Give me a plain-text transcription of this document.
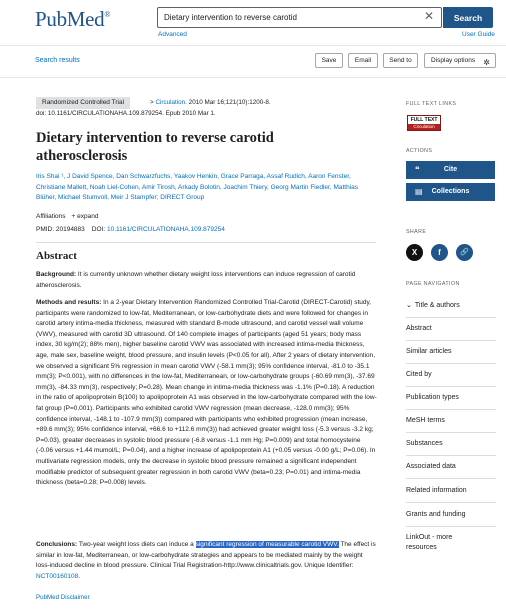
PubMed®	Dietary intervention to reverse carotid	✕	Search
Advanced	User Guide
Search results	Save	Email	Send to	Display options ✲
Randomized Controlled Trial	> Circulation. 2010 Mar 16;121(10):1200-8.
doi: 10.1161/CIRCULATIONAHA.109.879254. Epub 2010 Mar 1.
Dietary intervention to reverse carotid atherosclerosis
Iris Shai ¹, J David Spence, Dan Schwarzfuchs, Yaakov Henkin, Grace Parraga, Assaf Rudich, Aaron Fenster, Christiane Mallett, Noah Liel-Cohen, Amir Tirosh, Arkady Bolotin, Joachim Thiery, Georg Martin Fiedler, Matthias Blüher, Michael Stumvoll, Meir J Stampfer; DIRECT Group
Affiliations + expand
PMID: 20194883 DOI: 10.1161/CIRCULATIONAHA.109.879254
Abstract

Background: It is currently unknown whether dietary weight loss interventions can induce regression of carotid atherosclerosis.

Methods and results: In a 2-year Dietary Intervention Randomized Controlled Trial-Carotid (DIRECT-Carotid) study, participants were randomized to low-fat, Mediterranean, or low-carbohydrate diets and were followed for changes in carotid artery intima-media thickness, measured with standard B-mode ultrasound, and carotid vessel wall volume (VWV), measured with carotid 3D ultrasound. Of 140 complete images of participants (aged 51 years; body mass index, 30 kg/m(2); 88% men), higher baseline carotid VWV was associated with increased intima-media thickness, age, male sex, baseline weight, blood pressure, and insulin levels (P<0.05 for all). After 2 years of dietary intervention, we observed a significant 5% regression in mean carotid VWV (-58.1 mm(3); 95% confidence interval, -81.0 to -35.1 mm(3); P<0.001), with no differences in the low-fat, Mediterranean, or low-carbohydrate groups (-60.69 mm(3), -37.69 mm(3), -84.33 mm(3), respectively; P=0.28). Mean change in intima-media thickness was -1.1% (P=0.18). A reduction in the ratio of apolipoprotein B(100) to apolipoprotein A1 was observed in the low-carbohydrate compared with the low-fat group (P=0.001). Participants who exhibited carotid VWV regression (mean decrease, -128.0 mm(3); 95% confidence interval, -148.1 to -107.9 mm(3)) compared with participants who exhibited progression (mean increase, +89.6 mm(3); 95% confidence interval, +66.6 to +112.6 mm(3)) had achieved greater weight loss (-5.3 versus -3.2 kg; P=0.03), greater decreases in systolic blood pressure (-6.8 versus -1.1 mm Hg; P=0.009) and total homocysteine (-0.06 versus +1.44 mumol/L; P=0.04), and a higher increase of apolipoprotein A1 (+0.05 versus -0.00 g/L; P=0.06). In multivariate regression models, only the decrease in systolic blood pressure remained a significant independent modifiable predictor of subsequent greater regression in both carotid VWV (beta=0.23; P=0.01) and intima-media thickness (beta=0.28; P=0.008) levels.

Conclusions: Two-year weight loss diets can induce a significant regression of measurable carotid VWV. The effect is similar in low-fat, Mediterranean, or low-carbohydrate strategies and appears to be mediated mainly by the weight loss-induced decline in blood pressure. Clinical Trial Registration-http://www.clinicaltrials.gov. Unique Identifier: NCT00160108.

PubMed Disclaimer
FULL TEXT LINKS
FULL TEXT
Circulation
ACTIONS
❝	Cite
▤ Collections
SHARE
X	f	🔗
PAGE NAVIGATION
⌄ Title & authors
Abstract
Similar articles
Cited by
Publication types
MeSH terms
Substances
Associated data
Related information
Grants and funding
LinkOut - more resources
